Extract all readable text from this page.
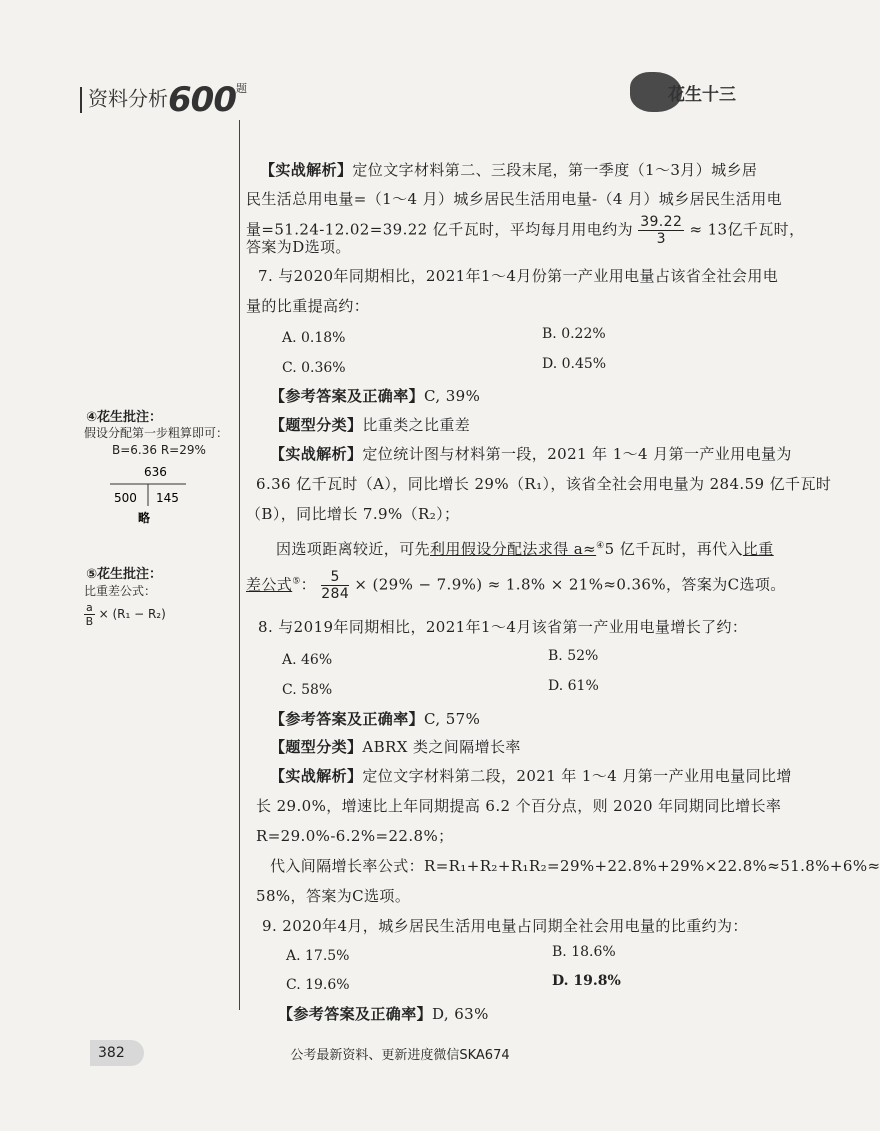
资料分析$600^题$	花生十三
【实战解析】定位文字材料第二、三段末尾，第一季度（1～3月）城乡居
民生活总用电量=（1～4 月）城乡居民生活用电量-（4 月）城乡居民生活用电
量=51.24-12.02=39.22 亿千瓦时，平均每月用电约为 $\frac{39.22}{3} \approx 13$亿千瓦时，
答案为D选项。
7. 与2020年同期相比，2021年1～4月份第一产业用电量占该省全社会用电
量的比重提高约：
A. 0.18%	B. 0.22%
C. 0.36%	D. 0.45%
【参考答案及正确率】C, 39%
【题型分类】比重类之比重差
【实战解析】定位统计图与材料第一段，2021 年 1～4 月第一产业用电量为
6.36 亿千瓦时（A），同比增长 29%（R₁），该省全社会用电量为 284.59 亿千瓦时
（B），同比增长 7.9%（R₂）；
因选项距离较近，可先利用假设分配法求得 a≈④5 亿千瓦时，再代入比重
差公式⑤： $\frac{5}{284} \times (29\% - 7.9\%) \approx 1.8\% \times 21\%\approx 0.36\%$，答案为C选项。
8. 与2019年同期相比，2021年1～4月该省第一产业用电量增长了约：
A. 46%	B. 52%
C. 58%	D. 61%
【参考答案及正确率】C, 57%
【题型分类】ABRX 类之间隔增长率
【实战解析】定位文字材料第二段，2021 年 1～4 月第一产业用电量同比增
长 29.0%，增速比上年同期提高 6.2 个百分点，则 2020 年同期同比增长率
R=29.0%-6.2%=22.8%；
代入间隔增长率公式：R=R₁+R₂+R₁R₂=29%+22.8%+29%×22.8%≈51.8%+6%≈
58%，答案为C选项。
9. 2020年4月，城乡居民生活用电量占同期全社会用电量的比重约为：
A. 17.5%	B. 18.6%
C. 19.6%	D. 19.8%
【参考答案及正确率】D, 63%
④花生批注：
假设分配第一步粗算即可：
B=6.36 R=29%
636
500 145
略
⑤花生批注：
比重差公式：
$\frac{a}{B} \times (R_1 - R_2)$
382	公考最新资料、更新进度微信SKA674
